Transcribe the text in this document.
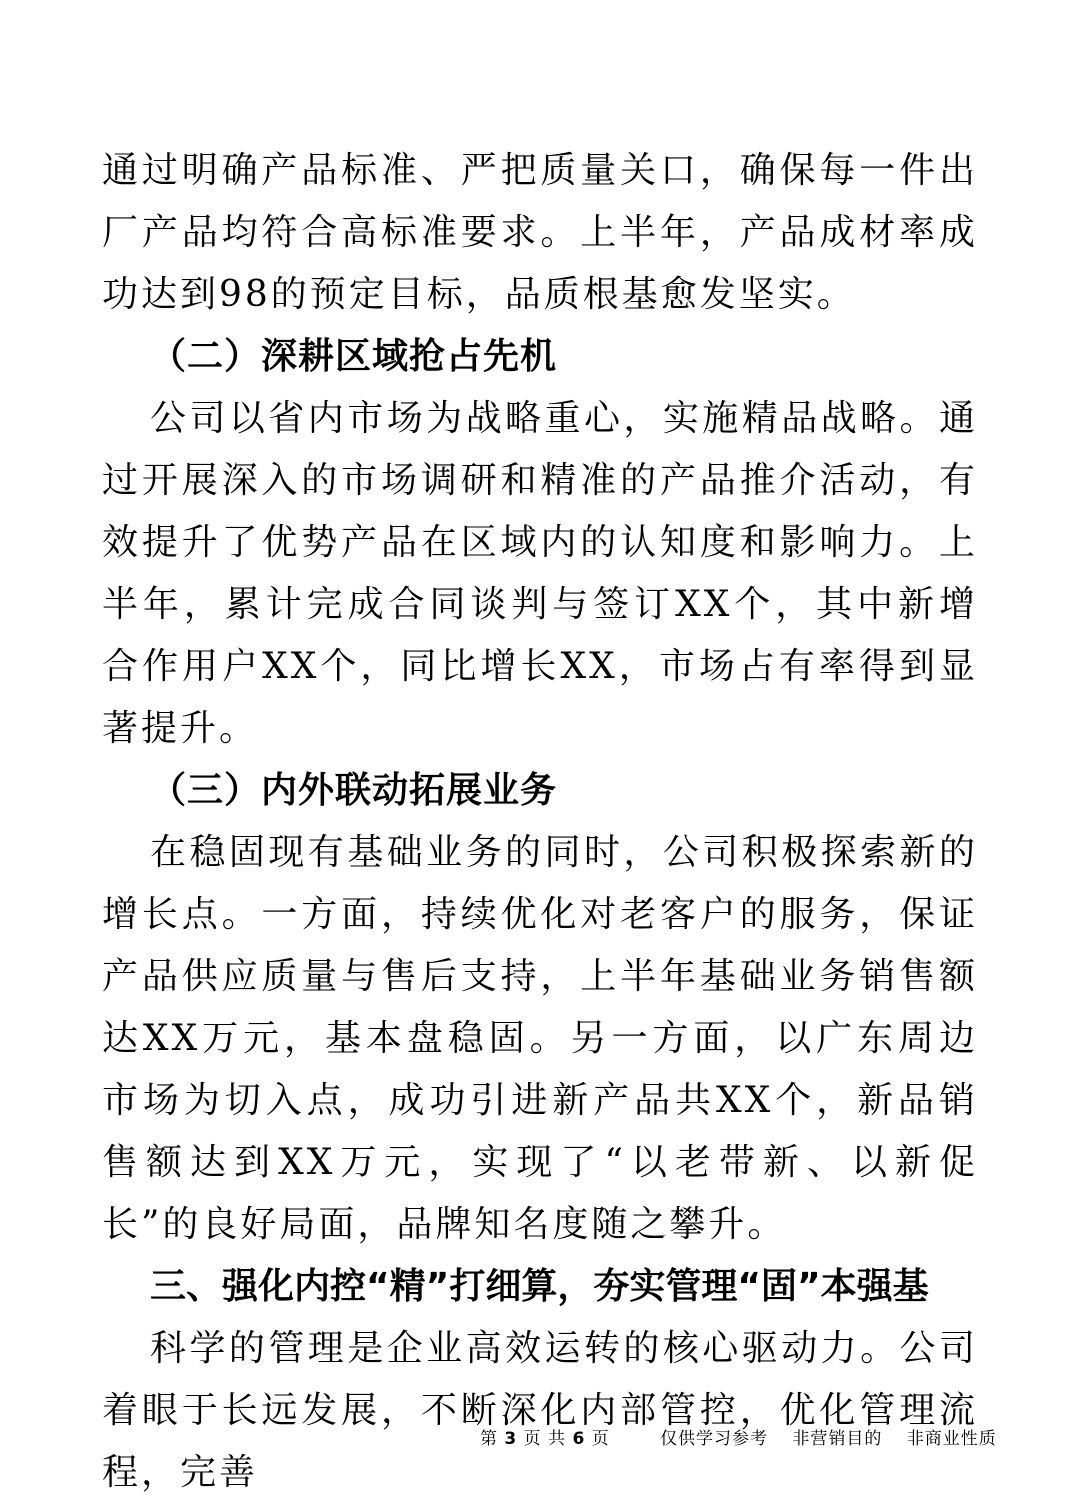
通过明确产品标准、严把质量关口，确保每一件出厂产品均符合高标准要求。上半年，产品成材率成功达到98的预定目标，品质根基愈发坚实。

（二）深耕区域抢占先机

公司以省内市场为战略重心，实施精品战略。通过开展深入的市场调研和精准的产品推介活动，有效提升了优势产品在区域内的认知度和影响力。上半年，累计完成合同谈判与签订XX个，其中新增合作用户XX个，同比增长XX，市场占有率得到显著提升。

（三）内外联动拓展业务

在稳固现有基础业务的同时，公司积极探索新的增长点。一方面，持续优化对老客户的服务，保证产品供应质量与售后支持，上半年基础业务销售额达XX万元，基本盘稳固。另一方面，以广东周边市场为切入点，成功引进新产品共XX个，新品销售额达到XX万元，实现了“以老带新、以新促长”的良好局面，品牌知名度随之攀升。

三、强化内控“精”打细算，夯实管理“固”本强基

科学的管理是企业高效运转的核心驱动力。公司着眼于长远发展，不断深化内部管控，优化管理流程，完善

第 3 页 共 6 页	仅供学习参考 非营销目的 非商业性质
